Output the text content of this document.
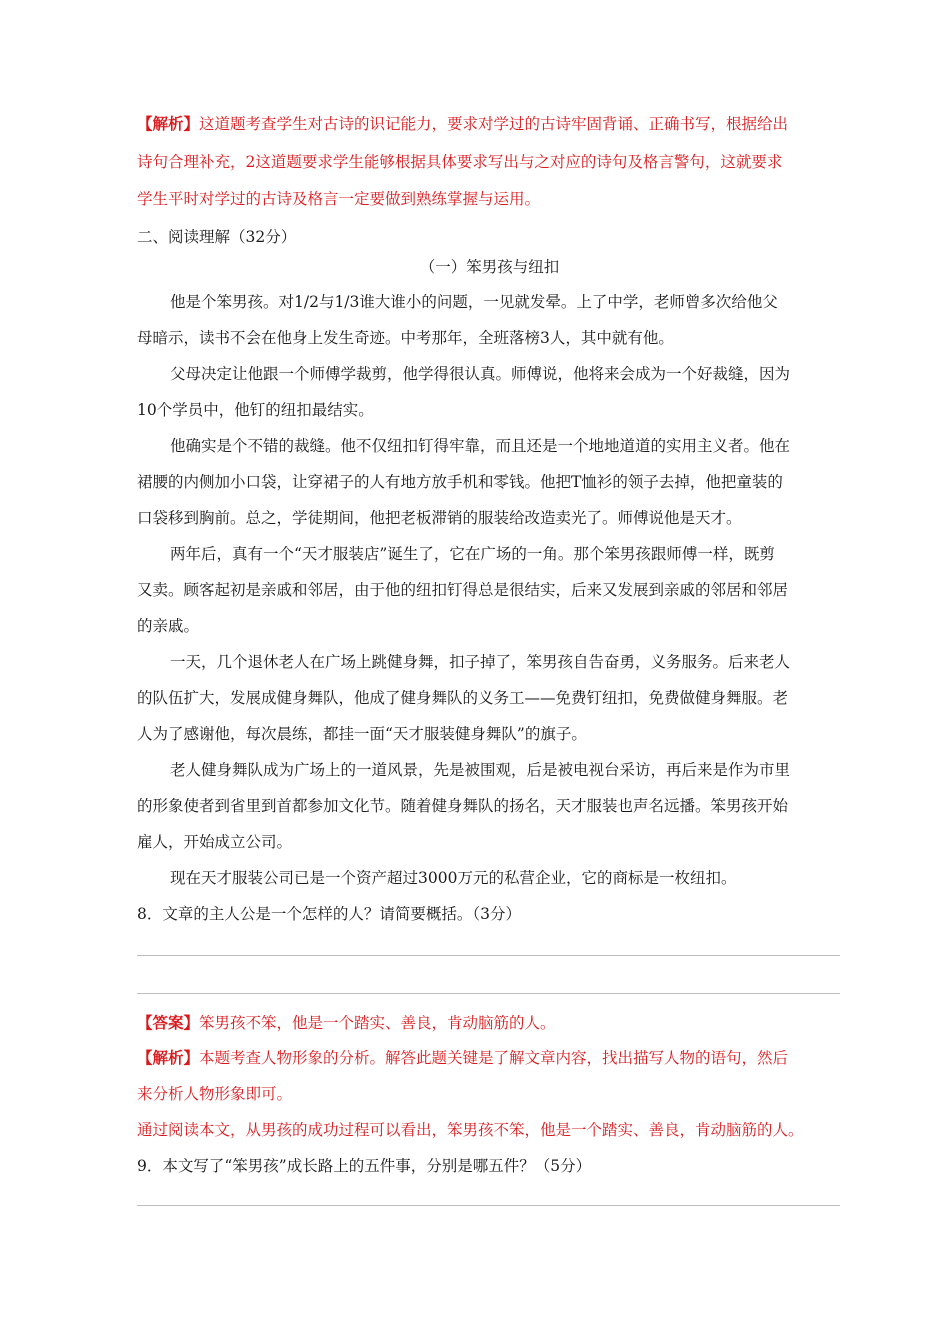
【解析】这道题考查学生对古诗的识记能力，要求对学过的古诗牢固背诵、正确书写，根据给出
诗句合理补充，2这道题要求学生能够根据具体要求写出与之对应的诗句及格言警句，这就要求
学生平时对学过的古诗及格言一定要做到熟练掌握与运用。
二、阅读理解（32分）
（一）笨男孩与纽扣
他是个笨男孩。对1/2与1/3谁大谁小的问题，一见就发晕。上了中学，老师曾多次给他父
母暗示，读书不会在他身上发生奇迹。中考那年，全班落榜3人，其中就有他。
父母决定让他跟一个师傅学裁剪，他学得很认真。师傅说，他将来会成为一个好裁缝，因为
10个学员中，他钉的纽扣最结实。
他确实是个不错的裁缝。他不仅纽扣钉得牢靠，而且还是一个地地道道的实用主义者。他在
裙腰的内侧加小口袋，让穿裙子的人有地方放手机和零钱。他把T恤衫的领子去掉，他把童装的
口袋移到胸前。总之，学徒期间，他把老板滞销的服装给改造卖光了。师傅说他是天才。
两年后，真有一个“天才服装店”诞生了，它在广场的一角。那个笨男孩跟师傅一样，既剪
又卖。顾客起初是亲戚和邻居，由于他的纽扣钉得总是很结实，后来又发展到亲戚的邻居和邻居
的亲戚。
一天，几个退休老人在广场上跳健身舞，扣子掉了，笨男孩自告奋勇，义务服务。后来老人
的队伍扩大，发展成健身舞队，他成了健身舞队的义务工——免费钉纽扣，免费做健身舞服。老
人为了感谢他，每次晨练，都挂一面“天才服装健身舞队”的旗子。
老人健身舞队成为广场上的一道风景，先是被围观，后是被电视台采访，再后来是作为市里
的形象使者到省里到首都参加文化节。随着健身舞队的扬名，天才服装也声名远播。笨男孩开始
雇人，开始成立公司。
现在天才服装公司已是一个资产超过3000万元的私营企业，它的商标是一枚纽扣。
8．文章的主人公是一个怎样的人？请简要概括。（3分）
【答案】笨男孩不笨，他是一个踏实、善良，肯动脑筋的人。
【解析】本题考查人物形象的分析。解答此题关键是了解文章内容，找出描写人物的语句，然后
来分析人物形象即可。
通过阅读本文，从男孩的成功过程可以看出，笨男孩不笨，他是一个踏实、善良，肯动脑筋的人。
9．本文写了“笨男孩”成长路上的五件事，分别是哪五件？（5分）
